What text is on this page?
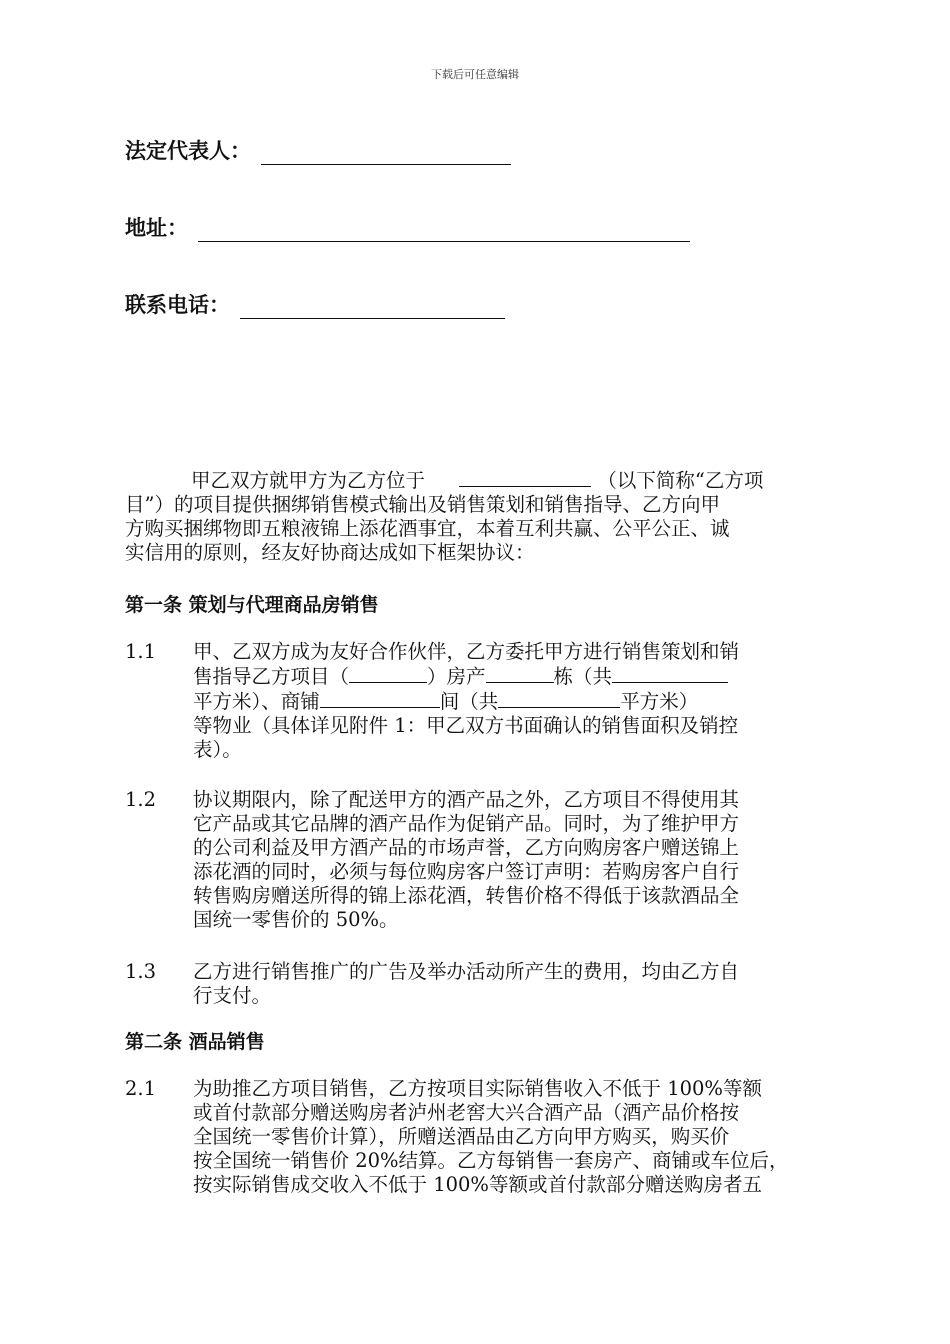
下载后可任意编辑
法定代表人：
地址：
联系电话：
甲乙双方就甲方为乙方位于	（以下简称“乙方项
目”）的项目提供捆绑销售模式输出及销售策划和销售指导、乙方向甲
方购买捆绑物即五粮液锦上添花酒事宜，本着互利共赢、公平公正、诚
实信用的原则，经友好协商达成如下框架协议：
第一条 策划与代理商品房销售
1.1 甲、乙双方成为友好合作伙伴，乙方委托甲方进行销售策划和销
售指导乙方项目（	）房产	栋（共
平方米）、商铺	间（共	平方米）
等物业（具体详见附件 1：甲乙双方书面确认的销售面积及销控
表）。
1.2 协议期限内，除了配送甲方的酒产品之外，乙方项目不得使用其
它产品或其它品牌的酒产品作为促销产品。同时，为了维护甲方
的公司利益及甲方酒产品的市场声誉，乙方向购房客户赠送锦上
添花酒的同时，必须与每位购房客户签订声明：若购房客户自行
转售购房赠送所得的锦上添花酒，转售价格不得低于该款酒品全
国统一零售价的 50%。
1.3 乙方进行销售推广的广告及举办活动所产生的费用，均由乙方自
行支付。
第二条 酒品销售
2.1 为助推乙方项目销售，乙方按项目实际销售收入不低于 100%等额
或首付款部分赠送购房者泸州老窖大兴合酒产品（酒产品价格按
全国统一零售价计算），所赠送酒品由乙方向甲方购买，购买价
按全国统一销售价 20%结算。乙方每销售一套房产、商铺或车位后，
按实际销售成交收入不低于 100%等额或首付款部分赠送购房者五
